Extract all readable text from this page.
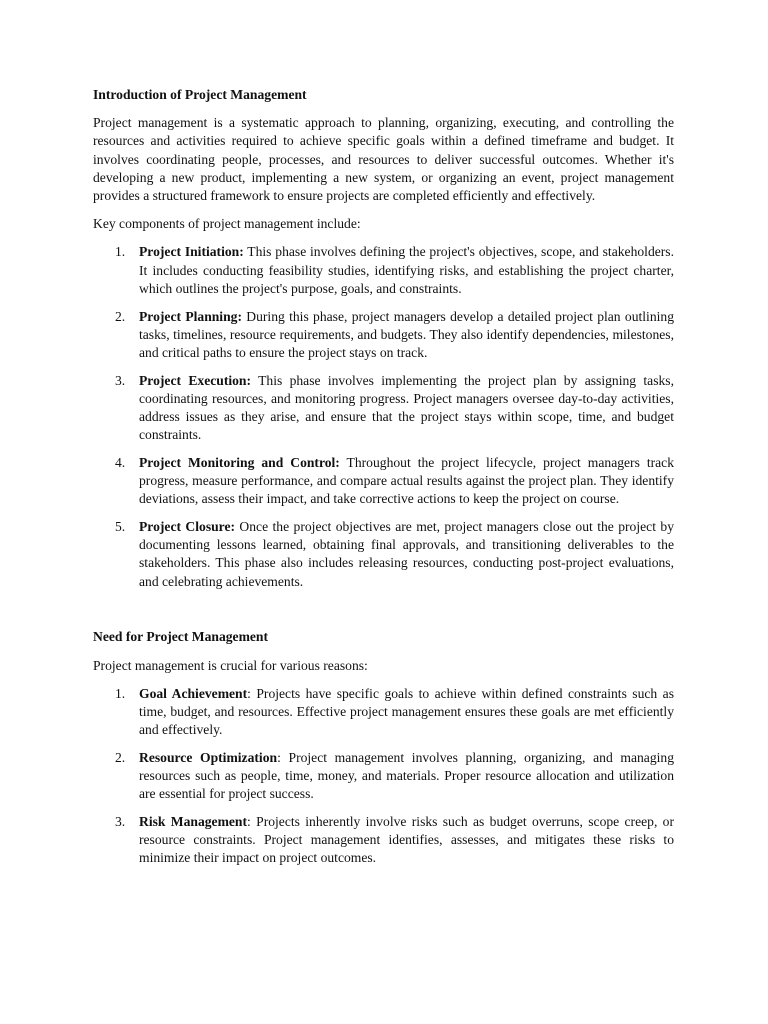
Introduction of Project Management
Project management is a systematic approach to planning, organizing, executing, and controlling the resources and activities required to achieve specific goals within a defined timeframe and budget. It involves coordinating people, processes, and resources to deliver successful outcomes. Whether it's developing a new product, implementing a new system, or organizing an event, project management provides a structured framework to ensure projects are completed efficiently and effectively.
Key components of project management include:
1. Project Initiation: This phase involves defining the project's objectives, scope, and stakeholders. It includes conducting feasibility studies, identifying risks, and establishing the project charter, which outlines the project's purpose, goals, and constraints.
2. Project Planning: During this phase, project managers develop a detailed project plan outlining tasks, timelines, resource requirements, and budgets. They also identify dependencies, milestones, and critical paths to ensure the project stays on track.
3. Project Execution: This phase involves implementing the project plan by assigning tasks, coordinating resources, and monitoring progress. Project managers oversee day-to-day activities, address issues as they arise, and ensure that the project stays within scope, time, and budget constraints.
4. Project Monitoring and Control: Throughout the project lifecycle, project managers track progress, measure performance, and compare actual results against the project plan. They identify deviations, assess their impact, and take corrective actions to keep the project on course.
5. Project Closure: Once the project objectives are met, project managers close out the project by documenting lessons learned, obtaining final approvals, and transitioning deliverables to the stakeholders. This phase also includes releasing resources, conducting post-project evaluations, and celebrating achievements.
Need for Project Management
Project management is crucial for various reasons:
1. Goal Achievement: Projects have specific goals to achieve within defined constraints such as time, budget, and resources. Effective project management ensures these goals are met efficiently and effectively.
2. Resource Optimization: Project management involves planning, organizing, and managing resources such as people, time, money, and materials. Proper resource allocation and utilization are essential for project success.
3. Risk Management: Projects inherently involve risks such as budget overruns, scope creep, or resource constraints. Project management identifies, assesses, and mitigates these risks to minimize their impact on project outcomes.
